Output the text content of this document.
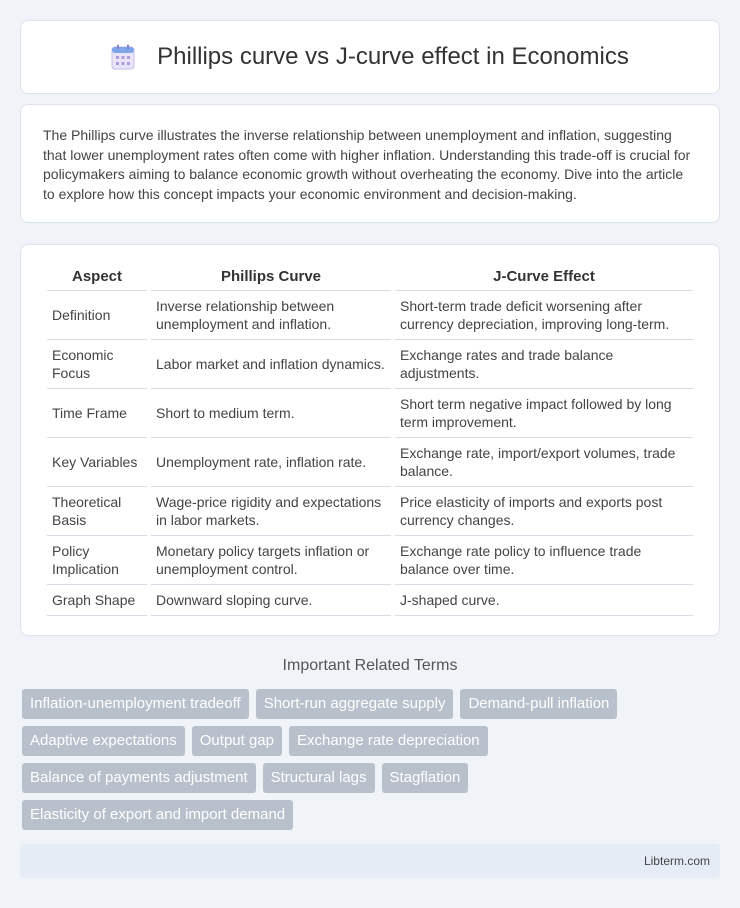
Phillips curve vs J-curve effect in Economics

The Phillips curve illustrates the inverse relationship between unemployment and inflation, suggesting that lower unemployment rates often come with higher inflation. Understanding this trade-off is crucial for policymakers aiming to balance economic growth without overheating the economy. Dive into the article to explore how this concept impacts your economic environment and decision-making.

Aspect	Phillips Curve	J-Curve Effect
Definition	Inverse relationship between unemployment and inflation.	Short-term trade deficit worsening after currency depreciation, improving long-term.
Economic Focus	Labor market and inflation dynamics.	Exchange rates and trade balance adjustments.
Time Frame	Short to medium term.	Short term negative impact followed by long term improvement.
Key Variables	Unemployment rate, inflation rate.	Exchange rate, import/export volumes, trade balance.
Theoretical Basis	Wage-price rigidity and expectations in labor markets.	Price elasticity of imports and exports post currency changes.
Policy Implication	Monetary policy targets inflation or unemployment control.	Exchange rate policy to influence trade balance over time.
Graph Shape	Downward sloping curve.	J-shaped curve.
Important Related Terms
Inflation-unemployment tradeoff	Short-run aggregate supply	Demand-pull inflation
Adaptive expectations	Output gap	Exchange rate depreciation
Balance of payments adjustment	Structural lags	Stagflation
Elasticity of export and import demand
Libterm.com
